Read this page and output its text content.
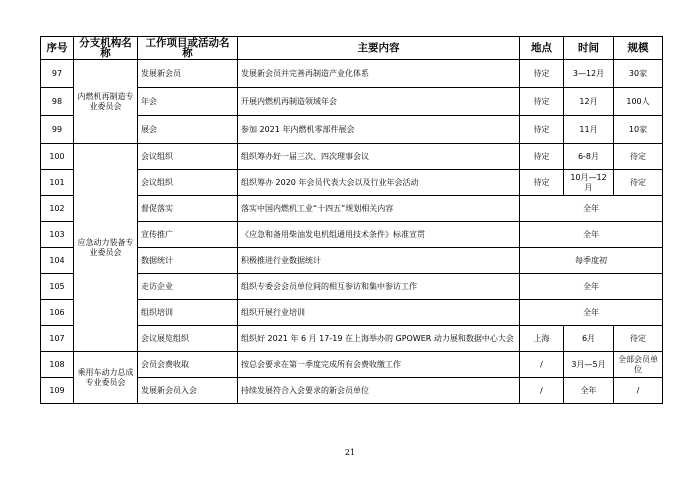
序号	分支机构名称	工作项目或活动名称	主要内容	地点	时间	规模
97	内燃机再制造专业委员会	发展新会员	发展新会员并完善再制造产业化体系	待定	3—12月	30家
98		年会	开展内燃机再制造领域年会	待定	12月	100人
99		展会	参加 2021 年内燃机零部件展会	待定	11月	10家
100	应急动力装备专业委员会	会议组织	组织筹办好一届三次、四次理事会议	待定	6-8月	待定
101		会议组织	组织筹办 2020 年会员代表大会以及行业年会活动	待定	10月—12月	待定
102		督促落实	落实中国内燃机工业“十四五”规划相关内容	全年		
103		宣传推广	《应急和备用柴油发电机组通用技术条件》标准宣贯	全年		
104		数据统计	积极推进行业数据统计	每季度初		
105		走访企业	组织专委会会员单位间的相互参访和集中参访工作	全年		
106		组织培训	组织开展行业培训	全年		
107		会议展览组织	组织好 2021 年 6 月 17-19 在上海举办的 GPOWER 动力展和数据中心大会	上海	6月	待定
108	乘用车动力总成专业委员会	会员会费收取	按总会要求在第一季度完成所有会费收缴工作	/	3月—5月	全部会员单位
109		发展新会员入会	持续发展符合入会要求的新会员单位	/	全年	/
21
